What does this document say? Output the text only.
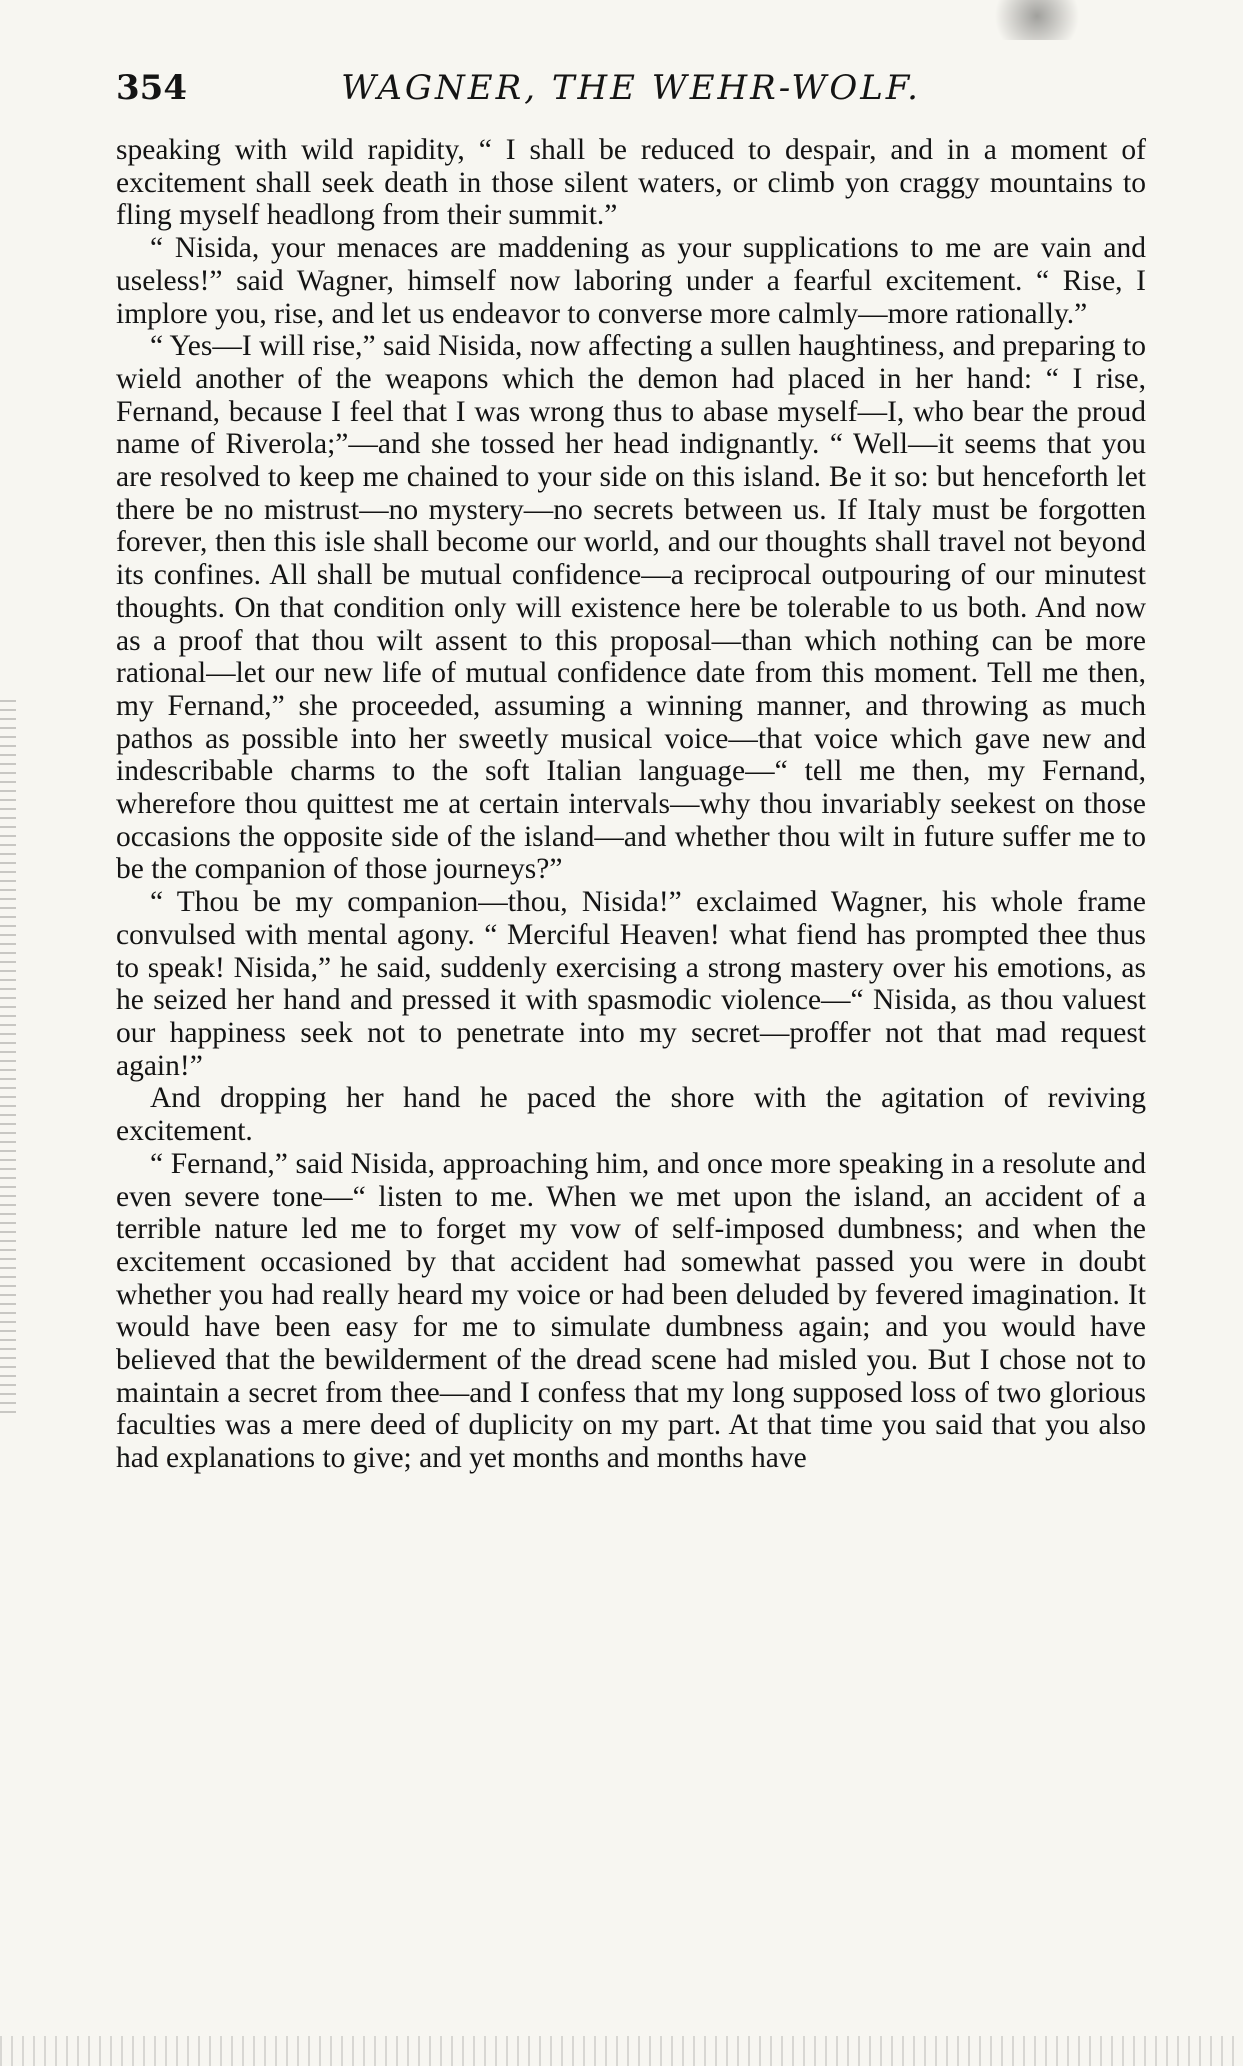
354	WAGNER, THE WEHR-WOLF.

speaking with wild rapidity, “ I shall be reduced to despair, and in a moment of excitement shall seek death in those silent waters, or climb yon craggy mountains to fling myself headlong from their summit.”

“ Nisida, your menaces are maddening as your supplications to me are vain and useless!” said Wagner, himself now laboring under a fearful excitement. “ Rise, I implore you, rise, and let us endeavor to converse more calmly—more rationally.”

“ Yes—I will rise,” said Nisida, now affecting a sullen haughtiness, and preparing to wield another of the weapons which the demon had placed in her hand: “ I rise, Fernand, because I feel that I was wrong thus to abase myself—I, who bear the proud name of Riverola;”—and she tossed her head indignantly. “ Well—it seems that you are resolved to keep me chained to your side on this island. Be it so: but henceforth let there be no mistrust—no mystery—no secrets between us. If Italy must be forgotten forever, then this isle shall become our world, and our thoughts shall travel not beyond its confines. All shall be mutual confidence—a reciprocal outpouring of our minutest thoughts. On that condition only will existence here be tolerable to us both. And now as a proof that thou wilt assent to this proposal—than which nothing can be more rational—let our new life of mutual confidence date from this moment. Tell me then, my Fernand,” she proceeded, assuming a winning manner, and throwing as much pathos as possible into her sweetly musical voice—that voice which gave new and indescribable charms to the soft Italian language—“ tell me then, my Fernand, wherefore thou quittest me at certain intervals—why thou invariably seekest on those occasions the opposite side of the island—and whether thou wilt in future suffer me to be the companion of those journeys?”

“ Thou be my companion—thou, Nisida!” exclaimed Wagner, his whole frame convulsed with mental agony. “ Merciful Heaven! what fiend has prompted thee thus to speak! Nisida,” he said, suddenly exercising a strong mastery over his emotions, as he seized her hand and pressed it with spasmodic violence—“ Nisida, as thou valuest our happiness seek not to penetrate into my secret—proffer not that mad request again!”

And dropping her hand he paced the shore with the agitation of reviving excitement.

“ Fernand,” said Nisida, approaching him, and once more speaking in a resolute and even severe tone—“ listen to me. When we met upon the island, an accident of a terrible nature led me to forget my vow of self-imposed dumbness; and when the excitement occasioned by that accident had somewhat passed you were in doubt whether you had really heard my voice or had been deluded by fevered imagination. It would have been easy for me to simulate dumbness again; and you would have believed that the bewilderment of the dread scene had misled you. But I chose not to maintain a secret from thee—and I confess that my long supposed loss of two glorious faculties was a mere deed of duplicity on my part. At that time you said that you also had explanations to give; and yet months and months have
